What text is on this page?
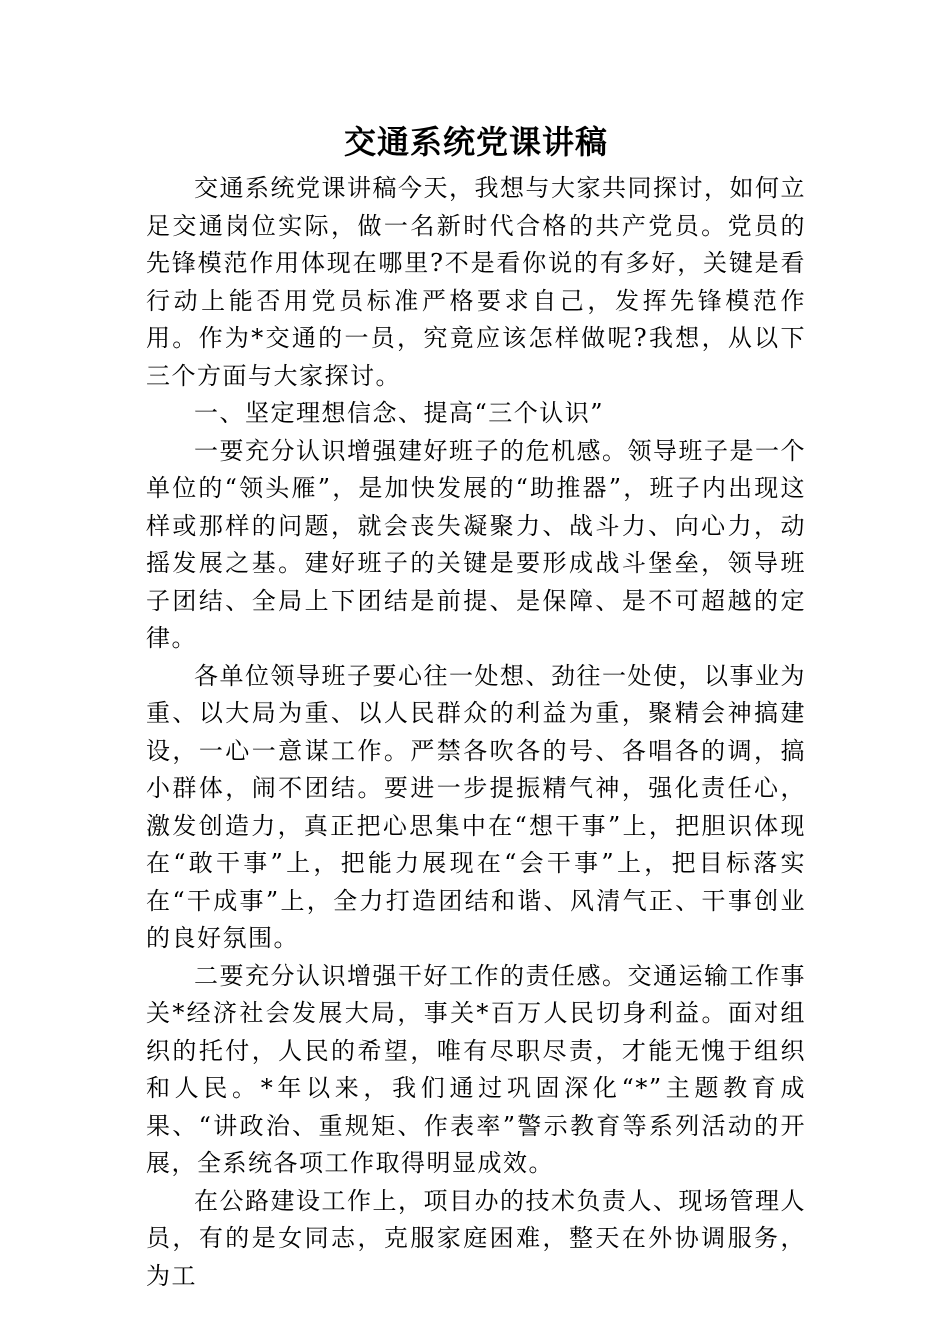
交通系统党课讲稿

交通系统党课讲稿今天，我想与大家共同探讨，如何立足交通岗位实际，做一名新时代合格的共产党员。党员的先锋模范作用体现在哪里?不是看你说的有多好，关键是看行动上能否用党员标准严格要求自己，发挥先锋模范作用。作为*交通的一员，究竟应该怎样做呢?我想，从以下三个方面与大家探讨。

一、坚定理想信念、提高“三个认识”

一要充分认识增强建好班子的危机感。领导班子是一个单位的“领头雁”，是加快发展的“助推器”，班子内出现这样或那样的问题，就会丧失凝聚力、战斗力、向心力，动摇发展之基。建好班子的关键是要形成战斗堡垒，领导班子团结、全局上下团结是前提、是保障、是不可超越的定律。

各单位领导班子要心往一处想、劲往一处使，以事业为重、以大局为重、以人民群众的利益为重，聚精会神搞建设，一心一意谋工作。严禁各吹各的号、各唱各的调，搞小群体，闹不团结。要进一步提振精气神，强化责任心，激发创造力，真正把心思集中在“想干事”上，把胆识体现在“敢干事”上，把能力展现在“会干事”上，把目标落实在“干成事”上，全力打造团结和谐、风清气正、干事创业的良好氛围。

二要充分认识增强干好工作的责任感。交通运输工作事关*经济社会发展大局，事关*百万人民切身利益。面对组织的托付，人民的希望，唯有尽职尽责，才能无愧于组织和人民。*年以来，我们通过巩固深化“*”主题教育成果、“讲政治、重规矩、作表率”警示教育等系列活动的开展，全系统各项工作取得明显成效。

在公路建设工作上，项目办的技术负责人、现场管理人员，有的是女同志，克服家庭困难，整天在外协调服务，为工
